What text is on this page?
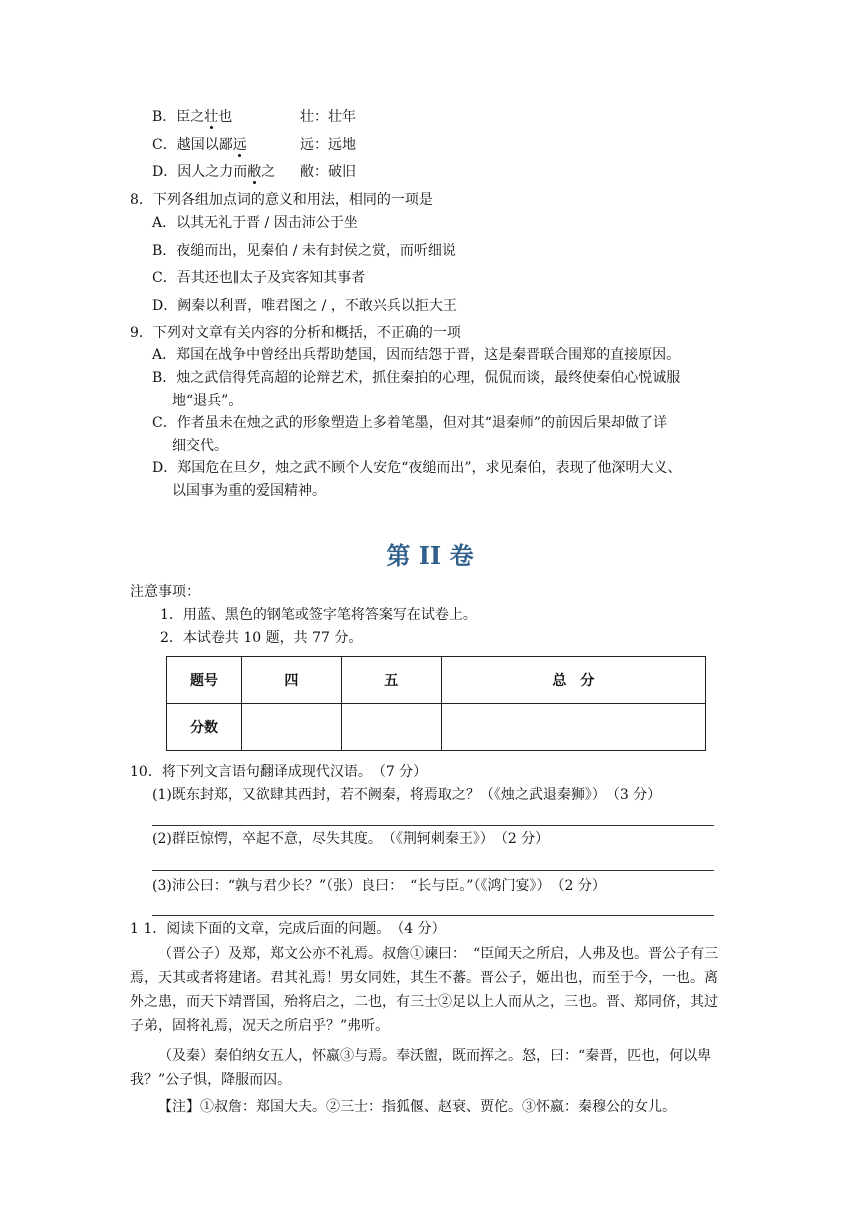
B．臣之壮也	壮：壮年
C．越国以鄙远	远：远地
D．因人之力而敝之 敝：破旧
8．下列各组加点词的意义和用法，相同的一项是
A．以其无礼于晋 / 因击沛公于坐
B．夜缒而出，见秦伯 / 未有封侯之赏，而听细说
C．吾其还也∥太子及宾客知其事者
D．阙秦以利晋，唯君图之 / ，不敢兴兵以拒大王
9．下列对文章有关内容的分析和概括，不正确的一项
A．郑国在战争中曾经出兵帮助楚国，因而结怨于晋，这是秦晋联合围郑的直接原因。
B．烛之武信得凭高超的论辩艺术，抓住秦拍的心理，侃侃而谈，最终使秦伯心悦诚服
地“退兵”。
C．作者虽未在烛之武的形象塑造上多着笔墨，但对其“退秦师”的前因后果却做了详
细交代。
D．郑国危在旦夕，烛之武不顾个人安危“夜缒而出”，求见秦伯，表现了他深明大义、
以国事为重的爱国精神。
第 II 卷
注意事项：
1．用蓝、黑色的钢笔或签字笔将答案写在试卷上。
2．本试卷共 10 题，共 77 分。
题号	四	五	总　分
分数			
10．将下列文言语句翻译成现代汉语。　（7 分）
(1)既东封郑，又欲肆其西封，若不阙秦，将焉取之？（《烛之武退秦狮》）　（3 分）
(2)群臣惊愕，卒起不意，尽失其度。　（《荆轲刺秦王》）　（2 分）
(3)沛公曰：“孰与君少长？”（张）良曰：　“长与臣。”（《鸿门宴》）　（2 分）
1 1．阅读下面的文章，完成后面的问题。　（4 分）
（晋公子）及郑，郑文公亦不礼焉。叔詹①谏曰：　“臣闻天之所启，人弗及也。晋公子有三焉，天其或者将建诸。君其礼焉！男女同姓，其生不蕃。晋公子，姬出也，而至于今，一也。离外之患，而天下靖晋国，殆将启之，二也，有三士②足以上人而从之，三也。晋、郑同侪，其过子弟，固将礼焉，况天之所启乎？”弗听。
（及秦）秦伯纳女五人，怀嬴③与焉。奉沃盥，既而挥之。怒，曰：“秦晋，匹也，何以卑我？”公子惧，降服而囚。
【注】①叔詹：郑国大夫。②三士：指狐偃、赵衰、贾佗。③怀嬴：秦穆公的女儿。
